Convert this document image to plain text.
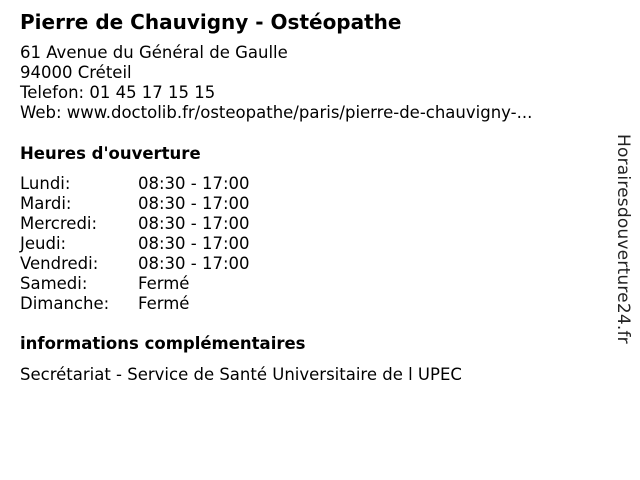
Pierre de Chauvigny - Ostéopathe
61 Avenue du Général de Gaulle
94000 Créteil
Telefon: 01 45 17 15 15
Web: www.doctolib.fr/osteopathe/paris/pierre-de-chauvigny-...
Heures d'ouverture
Lundi:	08:30 - 17:00
Mardi:	08:30 - 17:00
Mercredi:	08:30 - 17:00
Jeudi:	08:30 - 17:00
Vendredi:	08:30 - 17:00
Samedi:	Fermé
Dimanche:	Fermé
informations complémentaires
Secrétariat - Service de Santé Universitaire de l UPEC
Horairesdouverture24.fr
